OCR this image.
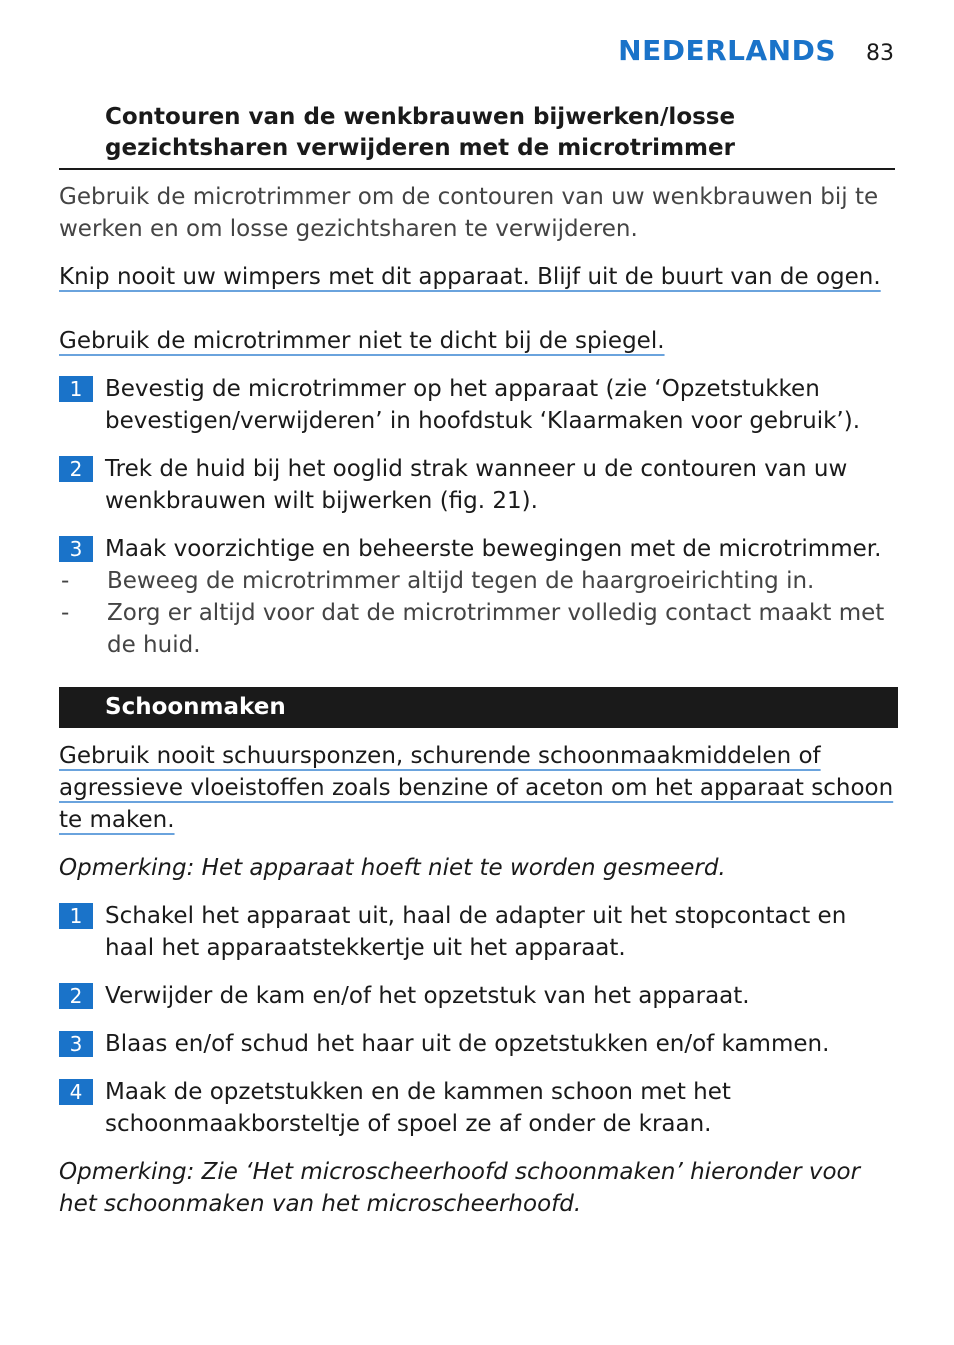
NEDERLANDS 83
Contouren van de wenkbrauwen bijwerken/losse gezichtsharen verwijderen met de microtrimmer

Gebruik de microtrimmer om de contouren van uw wenkbrauwen bij te werken en om losse gezichtsharen te verwijderen.

Knip nooit uw wimpers met dit apparaat. Blijf uit de buurt van de ogen.

Gebruik de microtrimmer niet te dicht bij de spiegel.

1 Bevestig de microtrimmer op het apparaat (zie ‘Opzetstukken bevestigen/verwijderen’ in hoofdstuk ‘Klaarmaken voor gebruik’).
2 Trek de huid bij het ooglid strak wanneer u de contouren van uw wenkbrauwen wilt bijwerken (fig. 21).
3 Maak voorzichtige en beheerste bewegingen met de microtrimmer.
-	Beweeg de microtrimmer altijd tegen de haargroeirichting in.
-	Zorg er altijd voor dat de microtrimmer volledig contact maakt met de huid.
Schoonmaken

Gebruik nooit schuursponzen, schurende schoonmaakmiddelen of agressieve vloeistoffen zoals benzine of aceton om het apparaat schoon te maken.

Opmerking: Het apparaat hoeft niet te worden gesmeerd.

1 Schakel het apparaat uit, haal de adapter uit het stopcontact en haal het apparaatstekkertje uit het apparaat.
2 Verwijder de kam en/of het opzetstuk van het apparaat.
3 Blaas en/of schud het haar uit de opzetstukken en/of kammen.
4 Maak de opzetstukken en de kammen schoon met het schoonmaakborsteltje of spoel ze af onder de kraan.

Opmerking: Zie ‘Het microscheerhoofd schoonmaken’ hieronder voor het schoonmaken van het microscheerhoofd.
